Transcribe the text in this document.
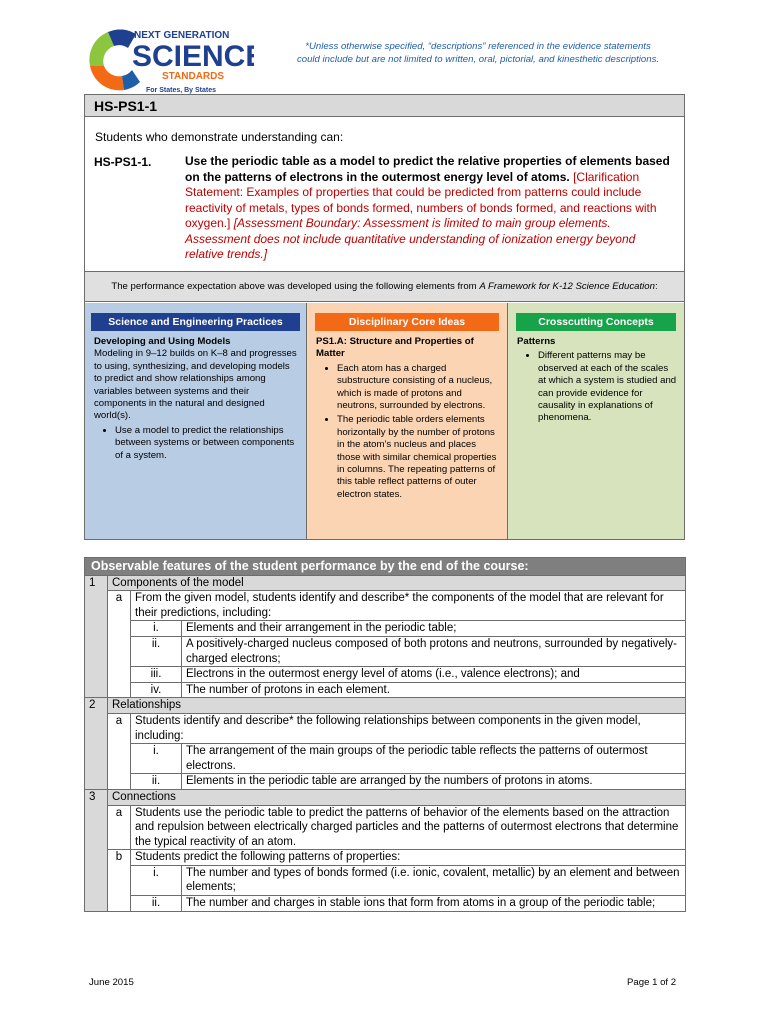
NEXT GENERATION
SCIENCE
STANDARDS
For States, By States
*Unless otherwise specified, “descriptions” referenced in the evidence statements
could include but are not limited to written, oral, pictorial, and kinesthetic descriptions.
HS-PS1-1
Students who demonstrate understanding can:
HS-PS1-1.	Use the periodic table as a model to predict the relative properties of elements based on the patterns of electrons in the outermost energy level of atoms. [Clarification Statement: Examples of properties that could be predicted from patterns could include reactivity of metals, types of bonds formed, numbers of bonds formed, and reactions with oxygen.] [Assessment Boundary: Assessment is limited to main group elements. Assessment does not include quantitative understanding of ionization energy beyond relative trends.]
The performance expectation above was developed using the following elements from A Framework for K-12 Science Education:
Science and Engineering Practices
Developing and Using Models
Modeling in 9–12 builds on K–8 and progresses to using, synthesizing, and developing models to predict and show relationships among variables between systems and their components in the natural and designed world(s).
• Use a model to predict the relationships between systems or between components of a system.
Disciplinary Core Ideas
PS1.A: Structure and Properties of Matter
• Each atom has a charged substructure consisting of a nucleus, which is made of protons and neutrons, surrounded by electrons.
• The periodic table orders elements horizontally by the number of protons in the atom’s nucleus and places those with similar chemical properties in columns. The repeating patterns of this table reflect patterns of outer electron states.
Crosscutting Concepts
Patterns
• Different patterns may be observed at each of the scales at which a system is studied and can provide evidence for causality in explanations of phenomena.
Observable features of the student performance by the end of the course:			
1	Components of the model		
	a	From the given model, students identify and describe* the components of the model that are relevant for their predictions, including:	
		i.	Elements and their arrangement in the periodic table;
		ii.	A positively-charged nucleus composed of both protons and neutrons, surrounded by negatively-charged electrons;
		iii.	Electrons in the outermost energy level of atoms (i.e., valence electrons); and
		iv.	The number of protons in each element.
2	Relationships		
	a	Students identify and describe* the following relationships between components in the given model, including:	
		i.	The arrangement of the main groups of the periodic table reflects the patterns of outermost electrons.
		ii.	Elements in the periodic table are arranged by the numbers of protons in atoms.
3	Connections		
	a	Students use the periodic table to predict the patterns of behavior of the elements based on the attraction and repulsion between electrically charged particles and the patterns of outermost electrons that determine the typical reactivity of an atom.	
	b	Students predict the following patterns of properties:	
		i.	The number and types of bonds formed (i.e. ionic, covalent, metallic) by an element and between elements;
		ii.	The number and charges in stable ions that form from atoms in a group of the periodic table;
June 2015	Page 1 of 2
